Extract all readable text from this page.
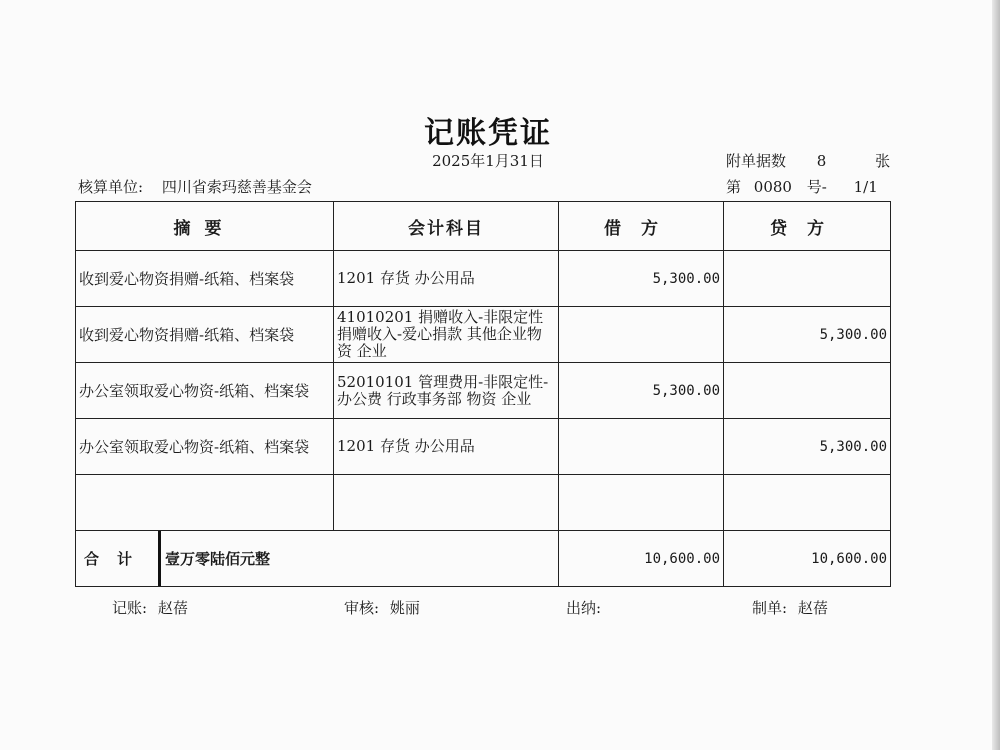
记账凭证
2025年1月31日
核算单位: 四川省索玛慈善基金会
附单据数 8	张
第 0080 号- 1/1
摘要	会计科目	借方	贷方
收到爱心物资捐赠-纸箱、档案袋	1201 存货 办公用品	5,300.00	
收到爱心物资捐赠-纸箱、档案袋	41010201 捐赠收入-非限定性捐赠收入-爱心捐款 其他企业物资 企业		5,300.00
办公室领取爱心物资-纸箱、档案袋	52010101 管理费用-非限定性-办公费 行政事务部 物资 企业	5,300.00	
办公室领取爱心物资-纸箱、档案袋	1201 存货 办公用品		5,300.00

合计 壹万零陆佰元整		10,600.00	10,600.00
记账: 赵蓓	审核: 姚丽	出纳:	制单: 赵蓓
